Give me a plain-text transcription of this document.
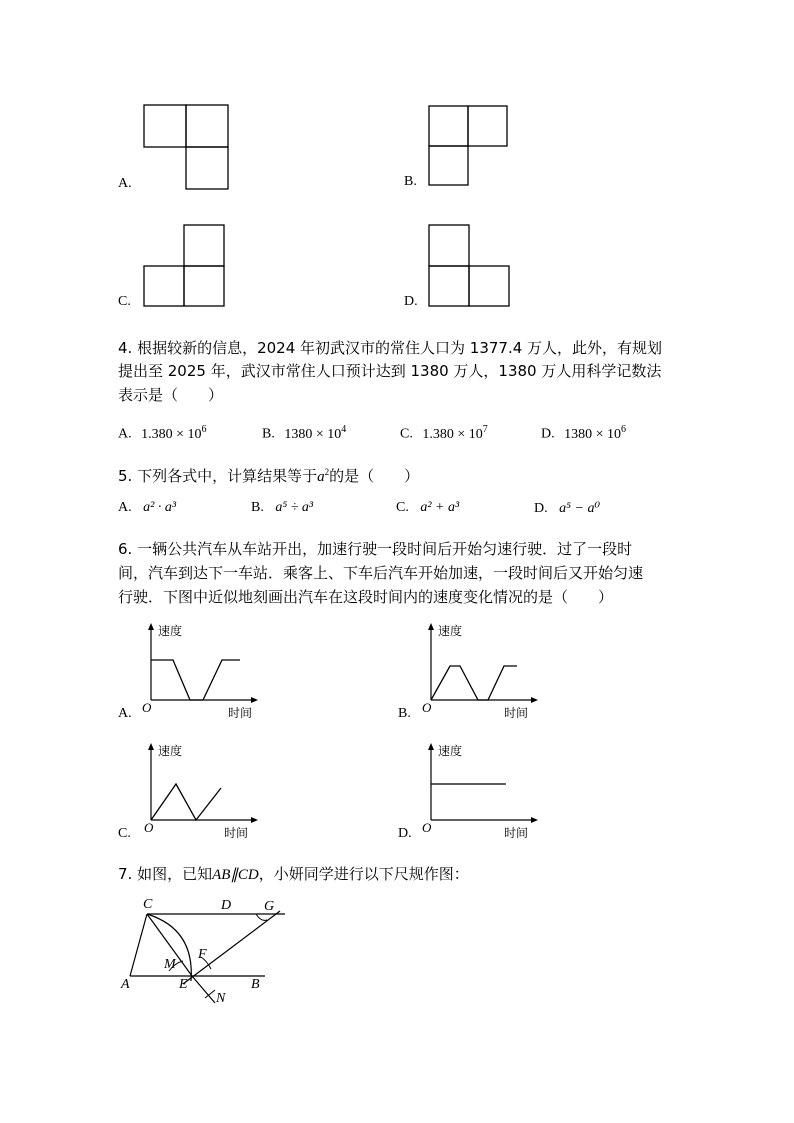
A.	B.
C.	D.
4. 根据较新的信息，2024 年初武汉市的常住人口为 1377.4 万人，此外，有规划
提出至 2025 年，武汉市常住人口预计达到 1380 万人，1380 万人用科学记数法
表示是（　　）
A. $1.380 \times 10^6$	B. $1380 \times 10^4$	C. $1.380 \times 10^7$	D. $1380 \times 10^6$
5. 下列各式中，计算结果等于$a^2$的是（　　）
A. a² · a³	B. a⁵ ÷ a³	C. a² + a³	D. a⁵ − a⁰
6. 一辆公共汽车从车站开出，加速行驶一段时间后开始匀速行驶．过了一段时
间，汽车到达下一车站．乘客上、下车后汽车开始加速，一段时间后又开始匀速
行驶．下图中近似地刻画出汽车在这段时间内的速度变化情况的是（　　）
速度
时间
O
A.
速度
时间
O
B.
速度
时间
O
C.
速度
时间
O
D.
7. 如图，已知AB∥CD，小妍同学进行以下尺规作图：
C	D G
M
F
A	E	B
N
